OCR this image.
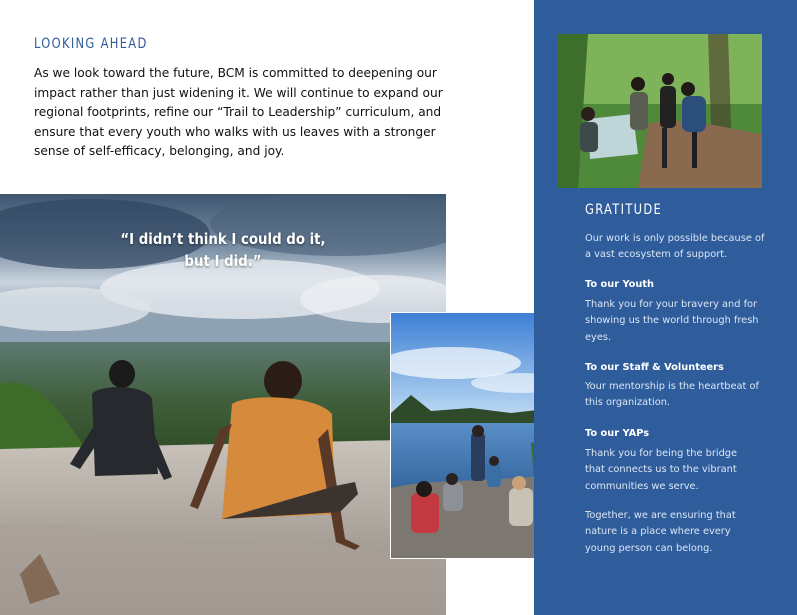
LOOKING AHEAD

As we look toward the future, BCM is committed to deepening our impact rather than just widening it. We will continue to expand our regional footprints, refine our “Trail to Leadership” curriculum, and ensure that every youth who walks with us leaves with a stronger sense of self-efficacy, belonging, and joy.

“I didn’t think I could do it,
but I did.”
GRATITUDE

Our work is only possible because of a vast ecosystem of support.

To our Youth

Thank you for your bravery and for showing us the world through fresh eyes.

To our Staff & Volunteers

Your mentorship is the heartbeat of this organization.

To our YAPs

Thank you for being the bridge that connects us to the vibrant communities we serve.

Together, we are ensuring that nature is a place where every young person can belong.
